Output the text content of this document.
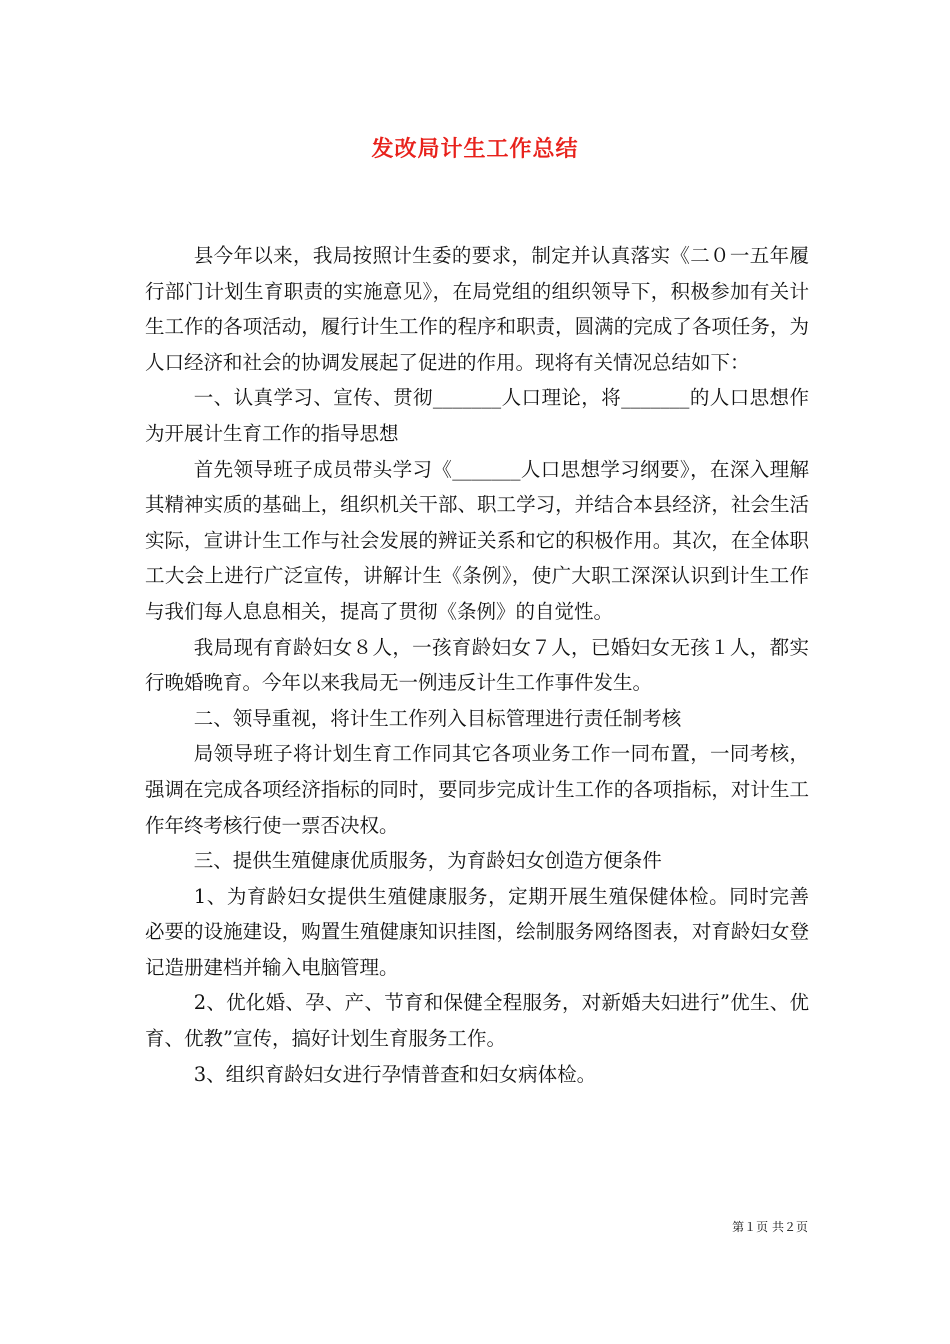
发改局计生工作总结

县今年以来，我局按照计生委的要求，制定并认真落实《二０一五年履行部门计划生育职责的实施意见》，在局党组的组织领导下，积极参加有关计生工作的各项活动，履行计生工作的程序和职责，圆满的完成了各项任务，为人口经济和社会的协调发展起了促进的作用。现将有关情况总结如下：

一、认真学习、宣传、贯彻_______人口理论，将_______的人口思想作为开展计生育工作的指导思想

首先领导班子成员带头学习《_______人口思想学习纲要》，在深入理解其精神实质的基础上，组织机关干部、职工学习，并结合本县经济，社会生活实际，宣讲计生工作与社会发展的辨证关系和它的积极作用。其次，在全体职工大会上进行广泛宣传，讲解计生《条例》，使广大职工深深认识到计生工作与我们每人息息相关，提高了贯彻《条例》的自觉性。

我局现有育龄妇女８人，一孩育龄妇女７人，已婚妇女无孩１人，都实行晚婚晚育。今年以来我局无一例违反计生工作事件发生。

二、领导重视，将计生工作列入目标管理进行责任制考核

局领导班子将计划生育工作同其它各项业务工作一同布置，一同考核，强调在完成各项经济指标的同时，要同步完成计生工作的各项指标，对计生工作年终考核行使一票否决权。

三、提供生殖健康优质服务，为育龄妇女创造方便条件

1、为育龄妇女提供生殖健康服务，定期开展生殖保健体检。同时完善必要的设施建设，购置生殖健康知识挂图，绘制服务网络图表，对育龄妇女登记造册建档并输入电脑管理。

2、优化婚、孕、产、节育和保健全程服务，对新婚夫妇进行”优生、优育、优教”宣传，搞好计划生育服务工作。

3、组织育龄妇女进行孕情普查和妇女病体检。

第１页 共２页
